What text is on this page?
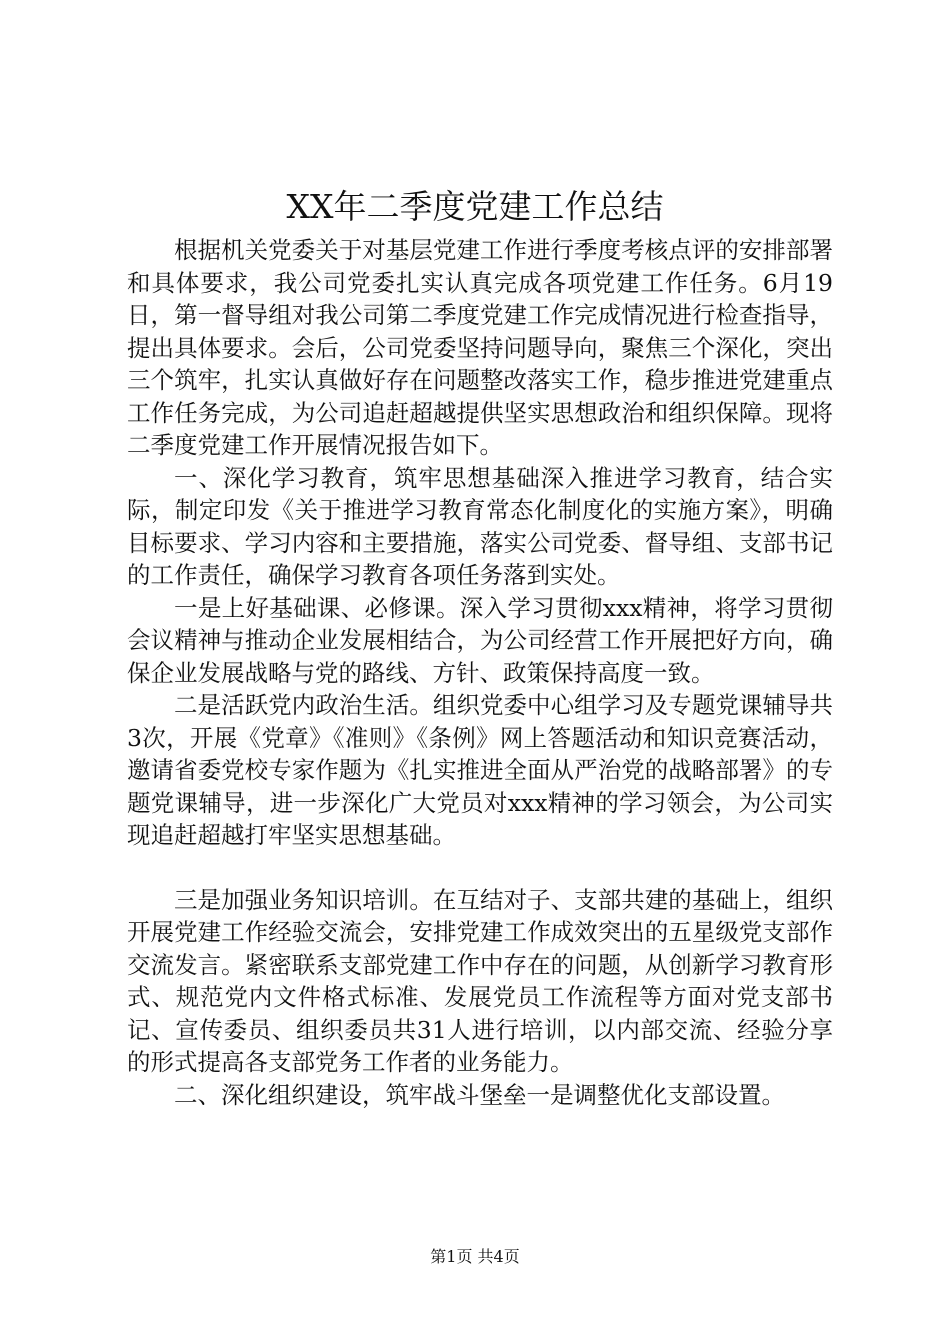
XX年二季度党建工作总结

根据机关党委关于对基层党建工作进行季度考核点评的安排部署和具体要求，我公司党委扎实认真完成各项党建工作任务。6月19日，第一督导组对我公司第二季度党建工作完成情况进行检查指导，提出具体要求。会后，公司党委坚持问题导向，聚焦三个深化，突出三个筑牢，扎实认真做好存在问题整改落实工作，稳步推进党建重点工作任务完成，为公司追赶超越提供坚实思想政治和组织保障。现将二季度党建工作开展情况报告如下。

一、深化学习教育，筑牢思想基础深入推进学习教育，结合实际，制定印发《关于推进学习教育常态化制度化的实施方案》，明确目标要求、学习内容和主要措施，落实公司党委、督导组、支部书记的工作责任，确保学习教育各项任务落到实处。

一是上好基础课、必修课。深入学习贯彻xxx精神，将学习贯彻会议精神与推动企业发展相结合，为公司经营工作开展把好方向，确保企业发展战略与党的路线、方针、政策保持高度一致。

二是活跃党内政治生活。组织党委中心组学习及专题党课辅导共3次，开展《党章》《准则》《条例》网上答题活动和知识竞赛活动，邀请省委党校专家作题为《扎实推进全面从严治党的战略部署》的专题党课辅导，进一步深化广大党员对xxx精神的学习领会，为公司实现追赶超越打牢坚实思想基础。

三是加强业务知识培训。在互结对子、支部共建的基础上，组织开展党建工作经验交流会，安排党建工作成效突出的五星级党支部作交流发言。紧密联系支部党建工作中存在的问题，从创新学习教育形式、规范党内文件格式标准、发展党员工作流程等方面对党支部书记、宣传委员、组织委员共31人进行培训，以内部交流、经验分享的形式提高各支部党务工作者的业务能力。

二、深化组织建设，筑牢战斗堡垒一是调整优化支部设置。

第1页 共4页
